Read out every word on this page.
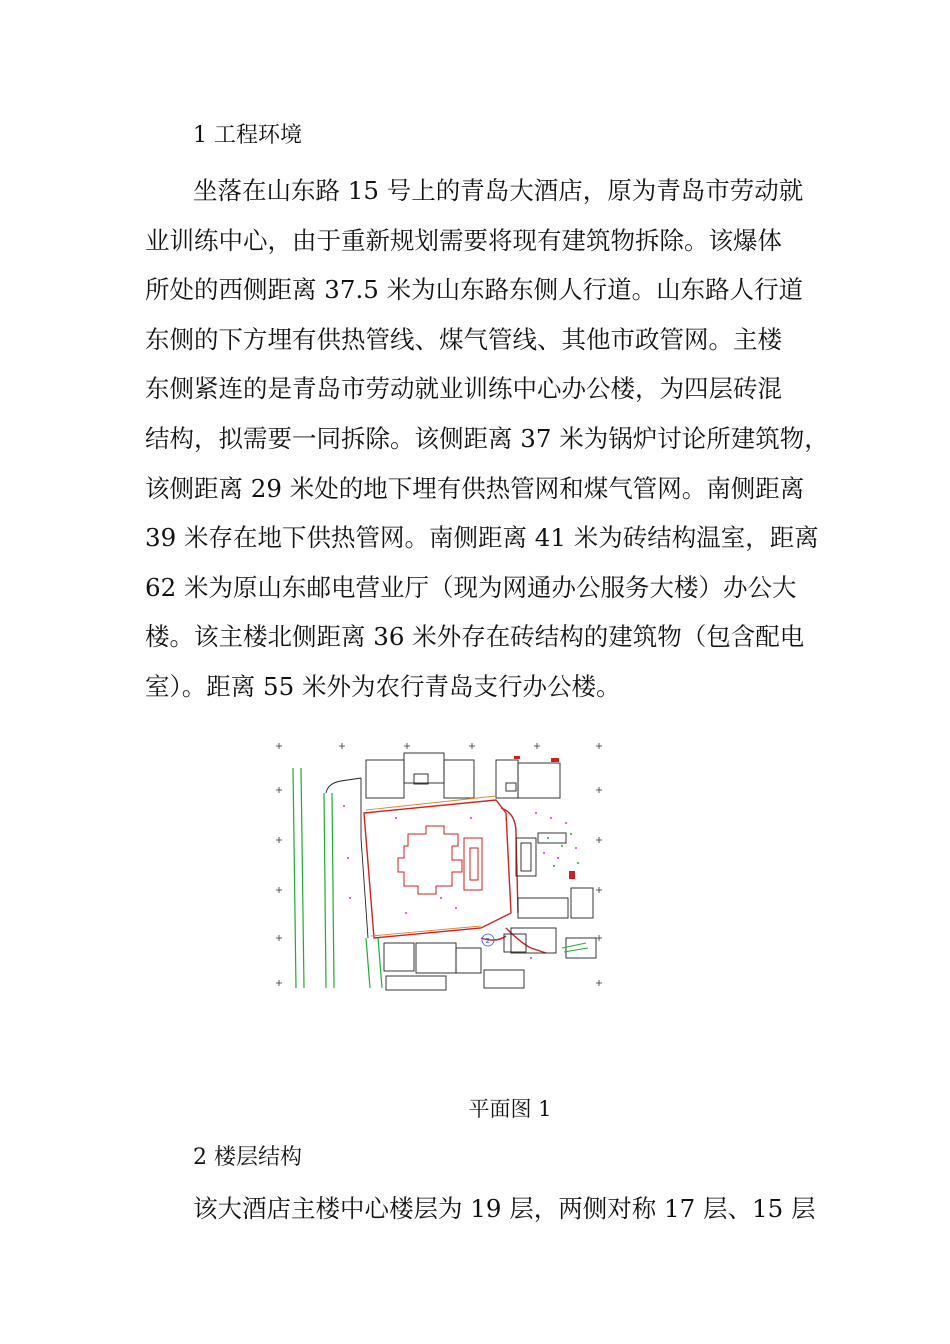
1 工程环境
坐落在山东路 15 号上的青岛大酒店，原为青岛市劳动就
业训练中心，由于重新规划需要将现有建筑物拆除。该爆体
所处的西侧距离 37.5 米为山东路东侧人行道。山东路人行道
东侧的下方埋有供热管线、煤气管线、其他市政管网。主楼
东侧紧连的是青岛市劳动就业训练中心办公楼，为四层砖混
结构，拟需要一同拆除。该侧距离 37 米为锅炉讨论所建筑物，
该侧距离 29 米处的地下埋有供热管网和煤气管网。南侧距离
39 米存在地下供热管网。南侧距离 41 米为砖结构温室，距离
62 米为原山东邮电营业厅（现为网通办公服务大楼）办公大
楼。该主楼北侧距离 36 米外存在砖结构的建筑物（包含配电
室）。距离 55 米外为农行青岛支行办公楼。
2
平面图 1
2 楼层结构
该大酒店主楼中心楼层为 19 层，两侧对称 17 层、15 层
